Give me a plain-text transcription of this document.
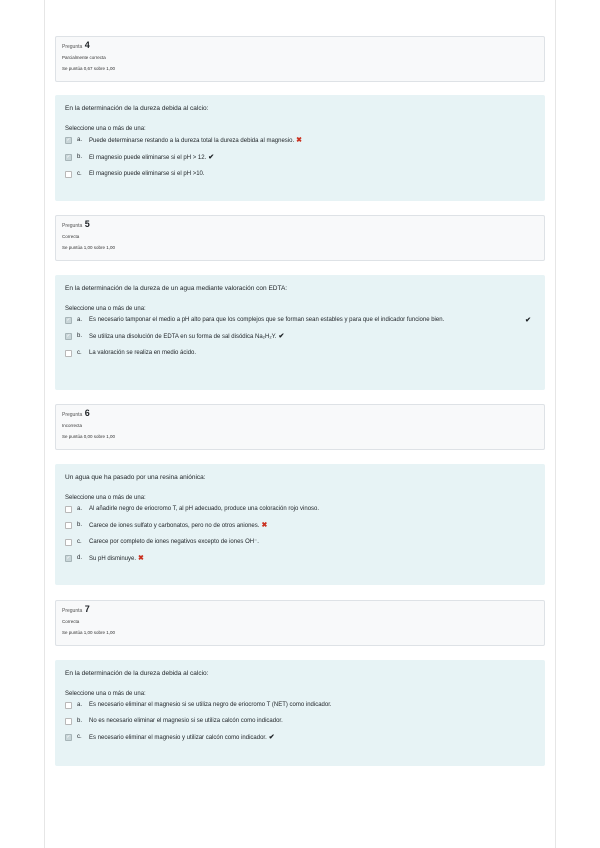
Pregunta 4
Parcialmente correcta
Se puntúa 0,67 sobre 1,00
En la determinación de la dureza debida al calcio:
Seleccione una o más de una:
✓
a.	Puede determinarse restando a la dureza total la dureza debida al magnesio. ✖
✓
b.	El magnesio puede eliminarse si el pH > 12. ✔
c.	El magnesio puede eliminarse si el pH >10.
Pregunta 5
Correcta
Se puntúa 1,00 sobre 1,00
En la determinación de la dureza de un agua mediante valoración con EDTA:
Seleccione una o más de una:
✓
a.	Es necesario tamponar el medio a pH alto para que los complejos que se forman sean estables y para que el indicador funcione bien.	✔
✓
b.	Se utiliza una disolución de EDTA en su forma de sal disódica Na₂H₂Y. ✔
c.	La valoración se realiza en medio ácido.
Pregunta 6
Incorrecta
Se puntúa 0,00 sobre 1,00
Un agua que ha pasado por una resina aniónica:
Seleccione una o más de una:
a.	Al añadirle negro de eriocromo T, al pH adecuado, produce una coloración rojo vinoso.
b.	Carece de iones sulfato y carbonatos, pero no de otros aniones. ✖
c.	Carece por completo de iones negativos excepto de iones OH⁻.
✓
d.	Su pH disminuye. ✖
Pregunta 7
Correcta
Se puntúa 1,00 sobre 1,00
En la determinación de la dureza debida al calcio:
Seleccione una o más de una:
a.	Es necesario eliminar el magnesio si se utiliza negro de eriocromo T (NET) como indicador.
b.	No es necesario eliminar el magnesio si se utiliza calcón como indicador.
✓
c.	Es necesario eliminar el magnesio y utilizar calcón como indicador. ✔
